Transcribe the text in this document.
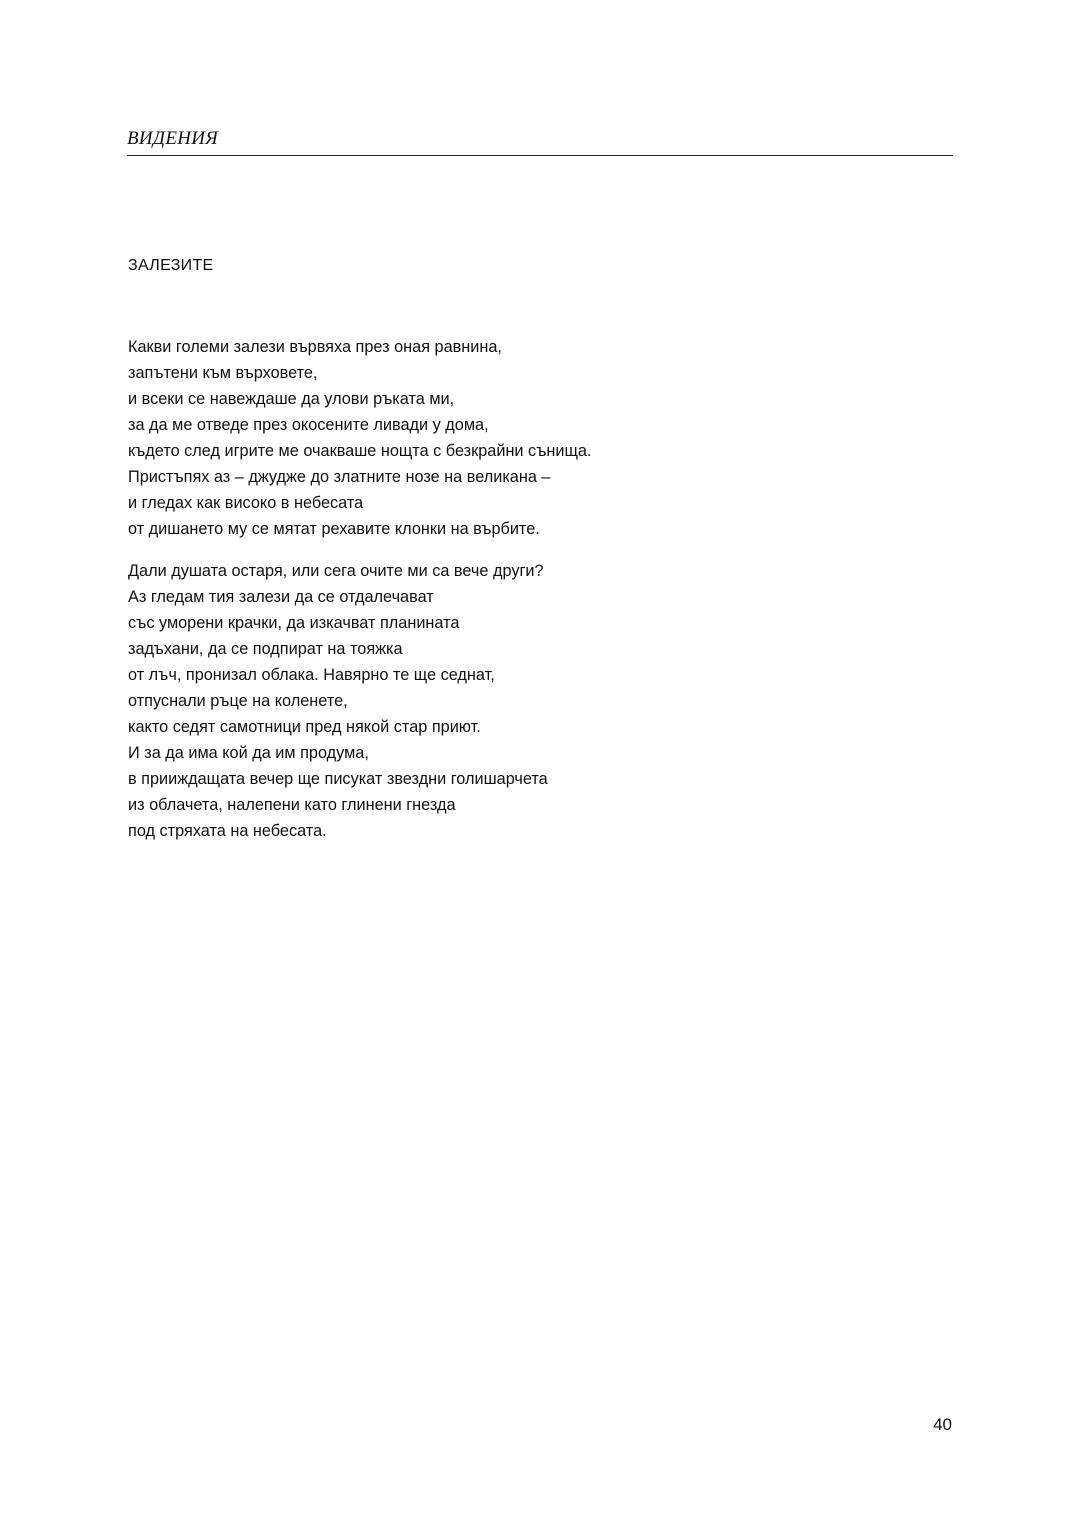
ВИДЕНИЯ
ЗАЛЕЗИТЕ
Какви големи залези вървяха през оная равнина,
запътени към върховете,
и всеки се навеждаше да улови ръката ми,
за да ме отведе през окосените ливади у дома,
където след игрите ме очакваше нощта с безкрайни сънища.
Пристъпях аз – джудже до златните нозе на великана –
и гледах как високо в небесата
от дишането му се мятат рехавите клонки на върбите.
Дали душата остаря, или сега очите ми са вече други?
Аз гледам тия залези да се отдалечават
със уморени крачки, да изкачват планината
задъхани, да се подпират на тояжка
от лъч, пронизал облака. Навярно те ще седнат,
отпуснали ръце на коленете,
както седят самотници пред някой стар приют.
И за да има кой да им продума,
в прииждащата вечер ще писукат звездни голишарчета
из облачета, налепени като глинени гнезда
под стряхата на небесата.
40
